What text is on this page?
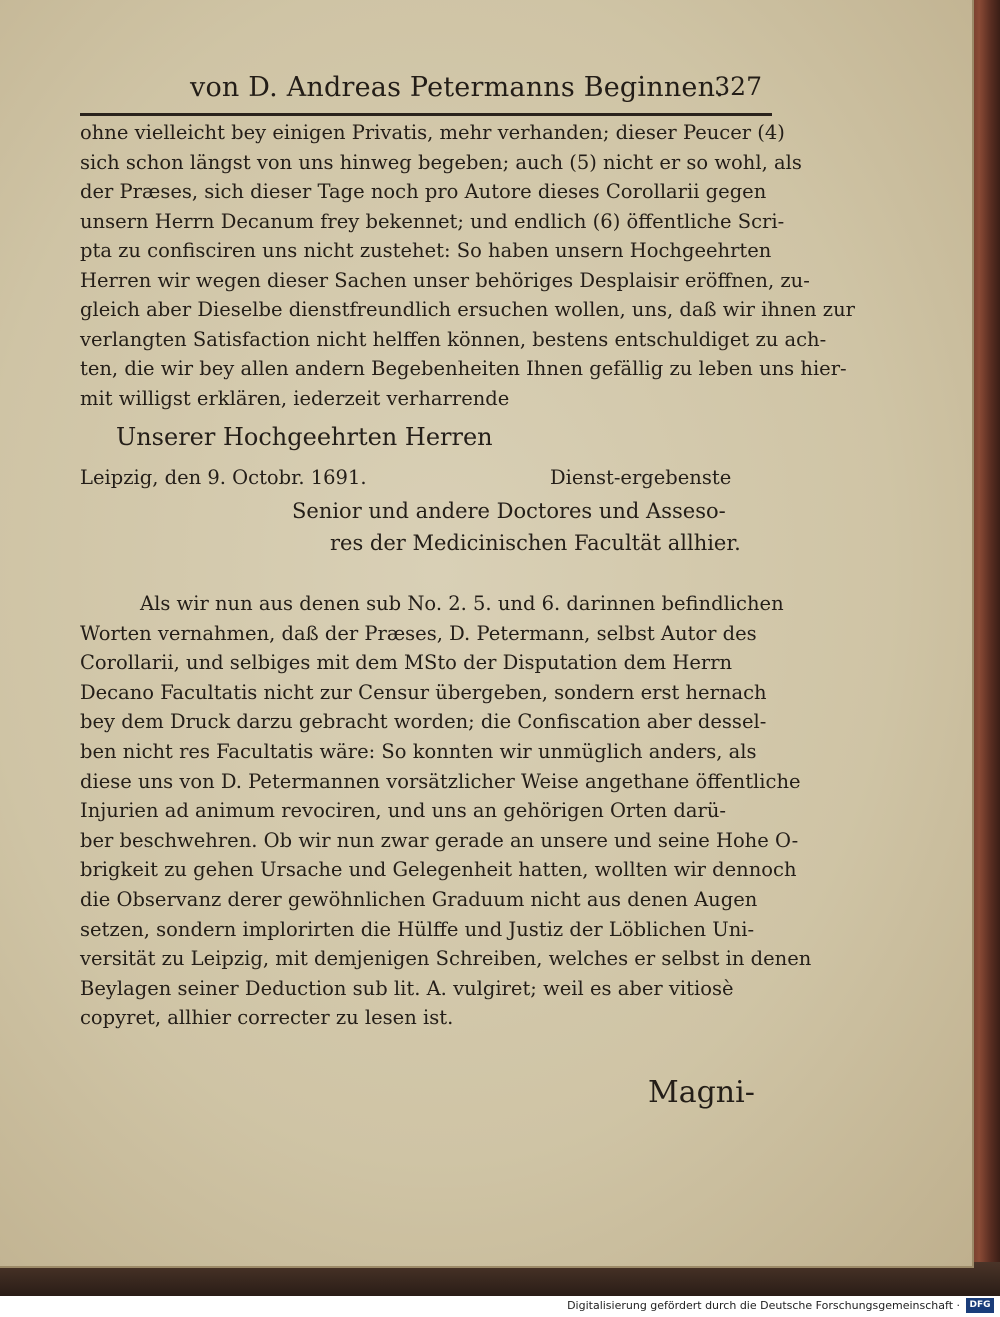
von D. Andreas Petermanns Beginnen.
327
ohne vielleicht bey einigen Privatis, mehr verhanden; dieser Peucer (4)
sich schon längst von uns hinweg begeben; auch (5) nicht er so wohl, als
der Præses, sich dieser Tage noch pro Autore dieses Corollarii gegen
unsern Herrn Decanum frey bekennet; und endlich (6) öffentliche Scri-
pta zu confisciren uns nicht zustehet: So haben unsern Hochgeehrten
Herren wir wegen dieser Sachen unser behöriges Desplaisir eröffnen, zu-
gleich aber Dieselbe dienstfreundlich ersuchen wollen, uns, daß wir ihnen zur
verlangten Satisfaction nicht helffen können, bestens entschuldiget zu ach-
ten, die wir bey allen andern Begebenheiten Ihnen gefällig zu leben uns hier-
mit willigst erklären, iederzeit verharrende
Unserer Hochgeehrten Herren
Leipzig, den 9. Octobr. 1691.	Dienst-ergebenste
Senior und andere Doctores und Asseso-
res der Medicinischen Facultät allhier.
Als wir nun aus denen sub No. 2. 5. und 6. darinnen befindlichen
Worten vernahmen, daß der Præses, D. Petermann, selbst Autor des
Corollarii, und selbiges mit dem MSto der Disputation dem Herrn
Decano Facultatis nicht zur Censur übergeben, sondern erst hernach
bey dem Druck darzu gebracht worden; die Confiscation aber dessel-
ben nicht res Facultatis wäre: So konnten wir unmüglich anders, als
diese uns von D. Petermannen vorsätzlicher Weise angethane öffentliche
Injurien ad animum revociren, und uns an gehörigen Orten darü-
ber beschwehren. Ob wir nun zwar gerade an unsere und seine Hohe O-
brigkeit zu gehen Ursache und Gelegenheit hatten, wollten wir dennoch
die Observanz derer gewöhnlichen Graduum nicht aus denen Augen
setzen, sondern implorirten die Hülffe und Justiz der Löblichen Uni-
versität zu Leipzig, mit demjenigen Schreiben, welches er selbst in denen
Beylagen seiner Deduction sub lit. A. vulgiret; weil es aber vitiosè
copyret, allhier correcter zu lesen ist.
Magni-
Digitalisierung gefördert durch die Deutsche Forschungsgemeinschaft ·	DFG
